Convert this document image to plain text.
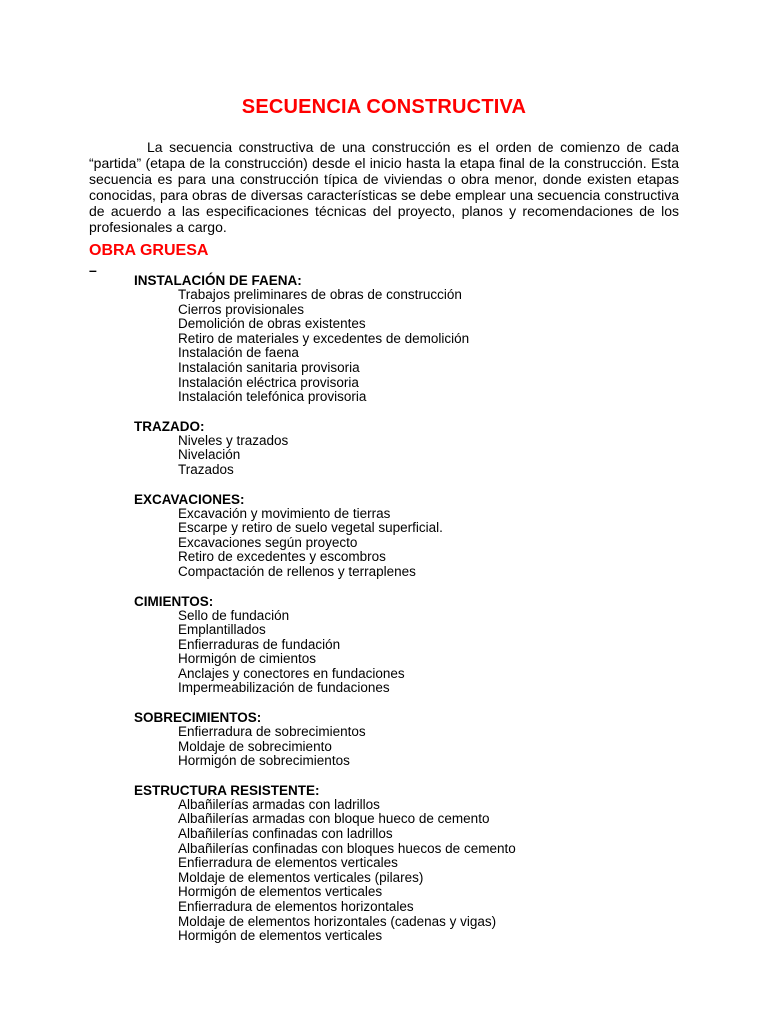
SECUENCIA CONSTRUCTIVA

La secuencia constructiva de una construcción es el orden de comienzo de cada “partida” (etapa de la construcción) desde el inicio hasta la etapa final de la construcción. Esta secuencia es para una construcción típica de viviendas o obra menor, donde existen etapas conocidas, para obras de diversas características se debe emplear una secuencia constructiva de acuerdo a las especificaciones técnicas del proyecto, planos y recomendaciones de los profesionales a cargo.

OBRA GRUESA
–
INSTALACIÓN DE FAENA:
Trabajos preliminares de obras de construcción
Cierros provisionales
Demolición de obras existentes
Retiro de materiales y excedentes de demolición
Instalación de faena
Instalación sanitaria provisoria
Instalación eléctrica provisoria
Instalación telefónica provisoria
TRAZADO:
Niveles y trazados
Nivelación
Trazados
EXCAVACIONES:
Excavación y movimiento de tierras
Escarpe y retiro de suelo vegetal superficial.
Excavaciones según proyecto
Retiro de excedentes y escombros
Compactación de rellenos y terraplenes
CIMIENTOS:
Sello de fundación
Emplantillados
Enfierraduras de fundación
Hormigón de cimientos
Anclajes y conectores en fundaciones
Impermeabilización de fundaciones
SOBRECIMIENTOS:
Enfierradura de sobrecimientos
Moldaje de sobrecimiento
Hormigón de sobrecimientos
ESTRUCTURA RESISTENTE:
Albañilerías armadas con ladrillos
Albañilerías armadas con bloque hueco de cemento
Albañilerías confinadas con ladrillos
Albañilerías confinadas con bloques huecos de cemento
Enfierradura de elementos verticales
Moldaje de elementos verticales (pilares)
Hormigón de elementos verticales
Enfierradura de elementos horizontales
Moldaje de elementos horizontales (cadenas y vigas)
Hormigón de elementos verticales
